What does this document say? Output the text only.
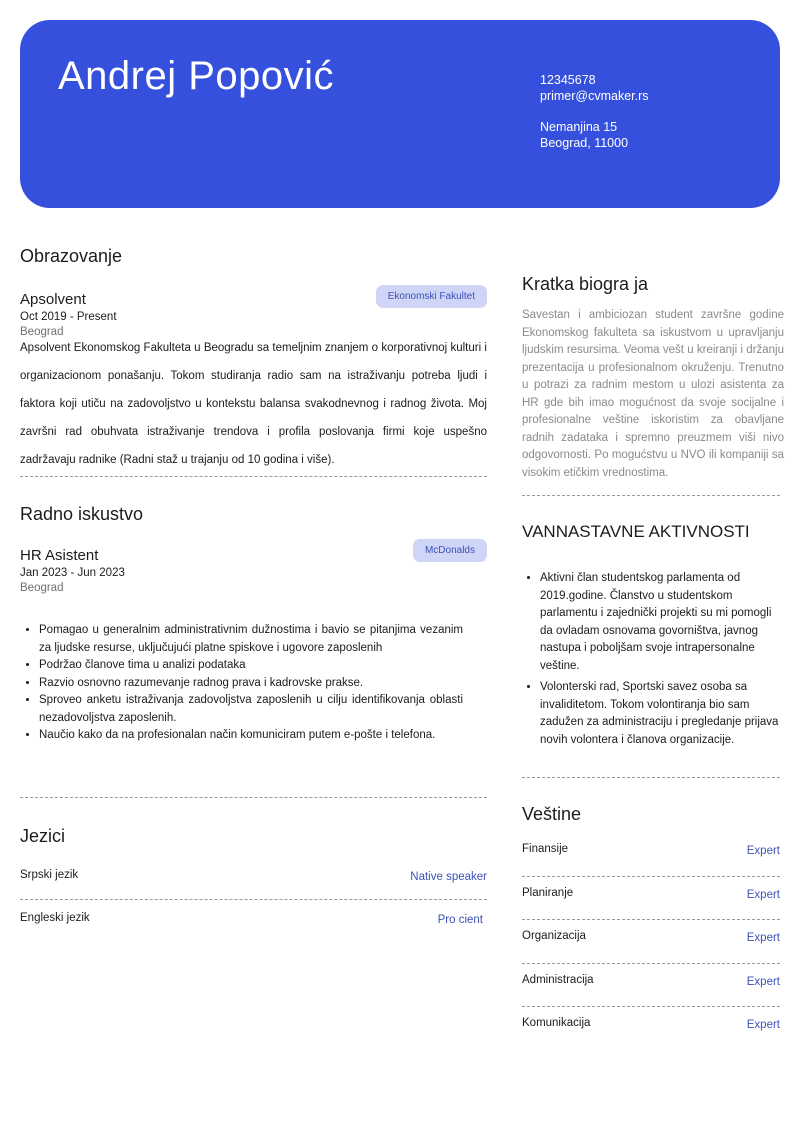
Andrej Popović	12345678
primer@cvmaker.rs
Nemanjina 15
Beograd, 11000
Obrazovanje
Apsolvent	Ekonomski Fakultet
Oct 2019 - Present
Beograd
Apsolvent Ekonomskog Fakulteta u Beogradu sa temeljnim znanjem o korporativnoj kulturi i organizacionom ponašanju. Tokom studiranja radio sam na istraživanju potreba ljudi i faktora koji utiču na zadovoljstvo u kontekstu balansa svakodnevnog i radnog života. Moj završni rad obuhvata istraživanje trendova i profila poslovanja firmi koje uspešno zadržavaju radnike (Radni staž u trajanju od 10 godina i više).
Radno iskustvo
HR Asistent	McDonalds
Jan 2023 - Jun 2023
Beograd
• Pomagao u generalnim administrativnim dužnostima i bavio se pitanjima vezanim za ljudske resurse, uključujući platne spiskove i ugovore zaposlenih
• Podržao članove tima u analizi podataka
• Razvio osnovno razumevanje radnog prava i kadrovske prakse.
• Sproveo anketu istraživanja zadovoljstva zaposlenih u cilju identifikovanja oblasti nezadovoljstva zaposlenih.
• Naučio kako da na profesionalan način komuniciram putem e-pošte i telefona.
Jezici
Srpski jezik	Native speaker
Engleski jezik	Pro cient
Kratka biogra ja
Savestan i ambiciozan student završne godine Ekonomskog fakulteta sa iskustvom u upravljanju ljudskim resursima. Veoma vešt u kreiranji i držanju prezentacija u profesionalnom okruženju. Trenutno u potrazi za radnim mestom u ulozi asistenta za HR gde bih imao mogućnost da svoje socijalne i profesionalne veštine iskoristim za obavljane radnih zadataka i spremno preuzmem viši nivo odgovornosti. Po mogućstvu u NVO ili kompaniji sa visokim etičkim vrednostima.
VANNASTAVNE AKTIVNOSTI
• Aktivni član studentskog parlamenta od 2019.godine. Članstvo u studentskom parlamentu i zajednički projekti su mi pomogli da ovladam osnovama govorništva, javnog nastupa i poboljšam svoje intrapersonalne veštine.
• Volonterski rad, Sportski savez osoba sa invaliditetom. Tokom volontiranja bio sam zadužen za administraciju i pregledanje prijava novih volontera i članova organizacije.
Veštine
Finansije	Expert
Planiranje	Expert
Organizacija	Expert
Administracija	Expert
Komunikacija	Expert
